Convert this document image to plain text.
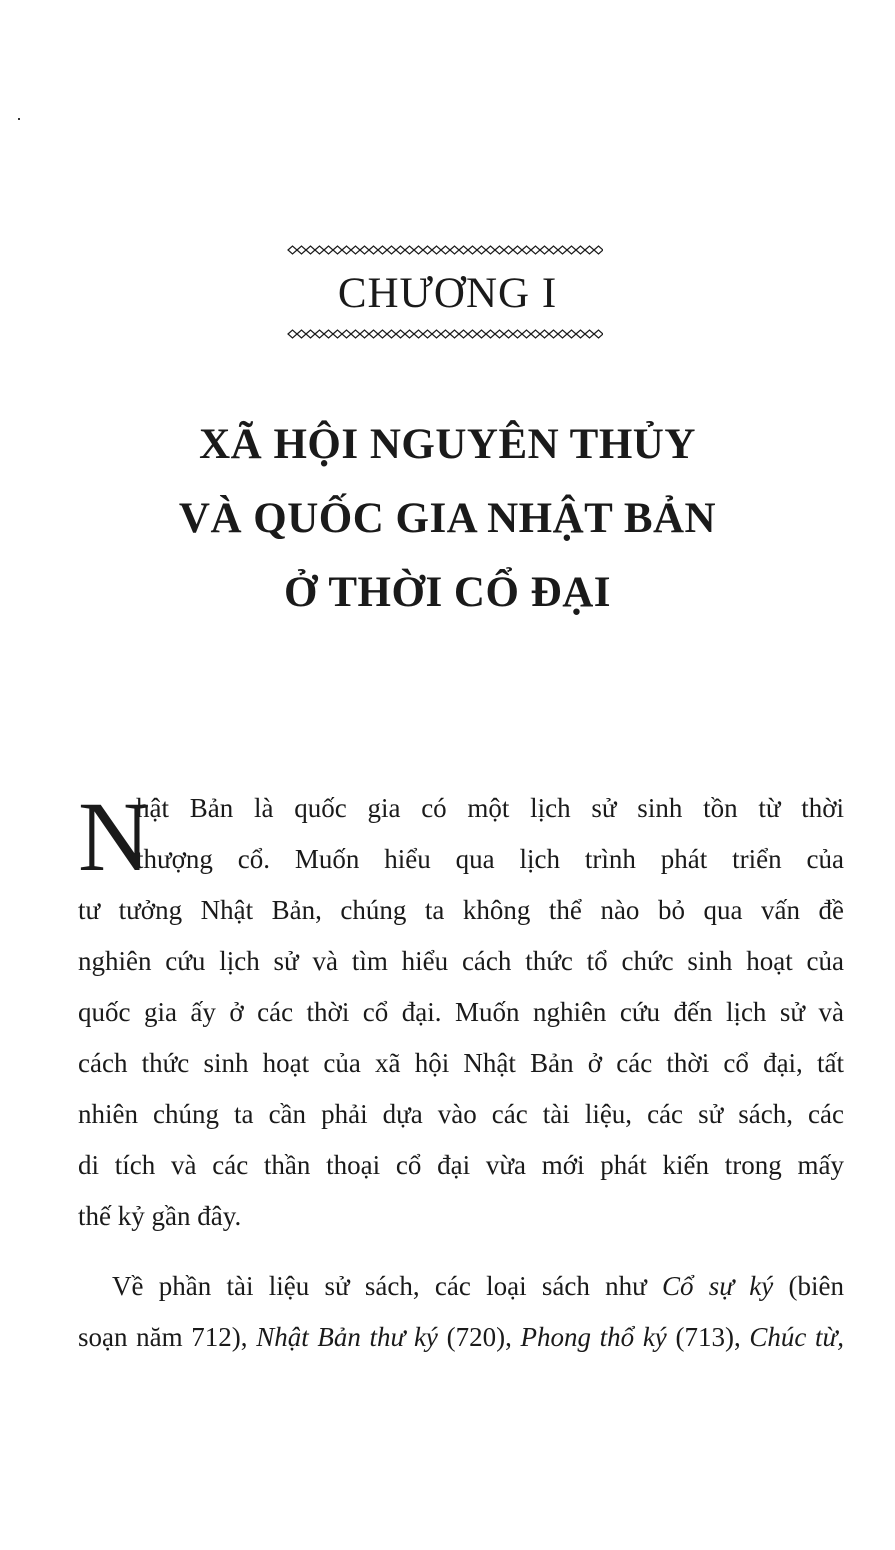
CHƯƠNG I
XÃ HỘI NGUYÊN THỦY
VÀ QUỐC GIA NHẬT BẢN
Ở THỜI CỔ ĐẠI
N
hật Bản là quốc gia có một lịch sử sinh tồn từ thời
thượng cổ. Muốn hiểu qua lịch trình phát triển của
tư tưởng Nhật Bản, chúng ta không thể nào bỏ qua vấn đề
nghiên cứu lịch sử và tìm hiểu cách thức tổ chức sinh hoạt của
quốc gia ấy ở các thời cổ đại. Muốn nghiên cứu đến lịch sử và
cách thức sinh hoạt của xã hội Nhật Bản ở các thời cổ đại, tất
nhiên chúng ta cần phải dựa vào các tài liệu, các sử sách, các
di tích và các thần thoại cổ đại vừa mới phát kiến trong mấy
thế kỷ gần đây.
Về phần tài liệu sử sách, các loại sách như Cổ sự ký (biên
soạn năm 712), Nhật Bản thư ký (720), Phong thổ ký (713), Chúc từ,
